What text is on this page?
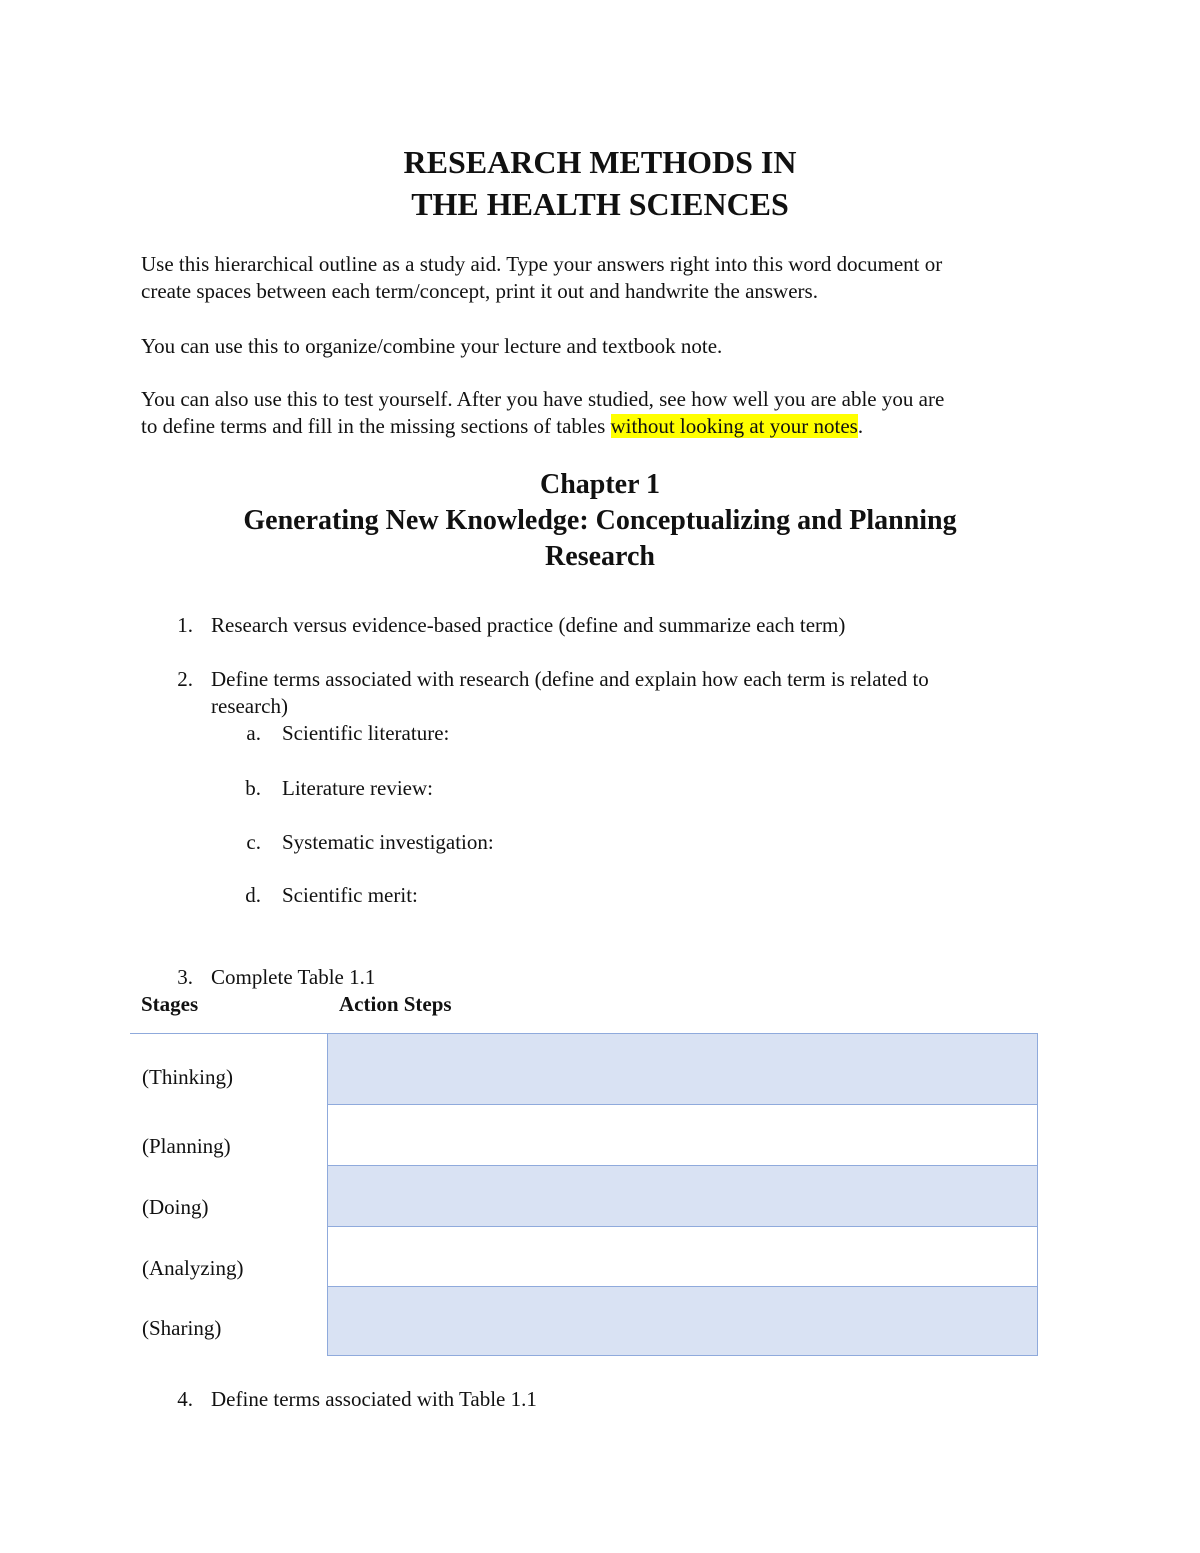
RESEARCH METHODS IN
THE HEALTH SCIENCES
Use this hierarchical outline as a study aid. Type your answers right into this word document or
create spaces between each term/concept, print it out and handwrite the answers.
You can use this to organize/combine your lecture and textbook note.
You can also use this to test yourself. After you have studied, see how well you are able you are
to define terms and fill in the missing sections of tables without looking at your notes.
Chapter 1
Generating New Knowledge: Conceptualizing and Planning
Research
1. Research versus evidence-based practice (define and summarize each term)
2. Define terms associated with research (define and explain how each term is related to
research)
a. Scientific literature:
b. Literature review:
c. Systematic investigation:
d. Scientific merit:
3. Complete Table 1.1
Stages	Action Steps
(Thinking)
(Planning)
(Doing)
(Analyzing)
(Sharing)
4. Define terms associated with Table 1.1
